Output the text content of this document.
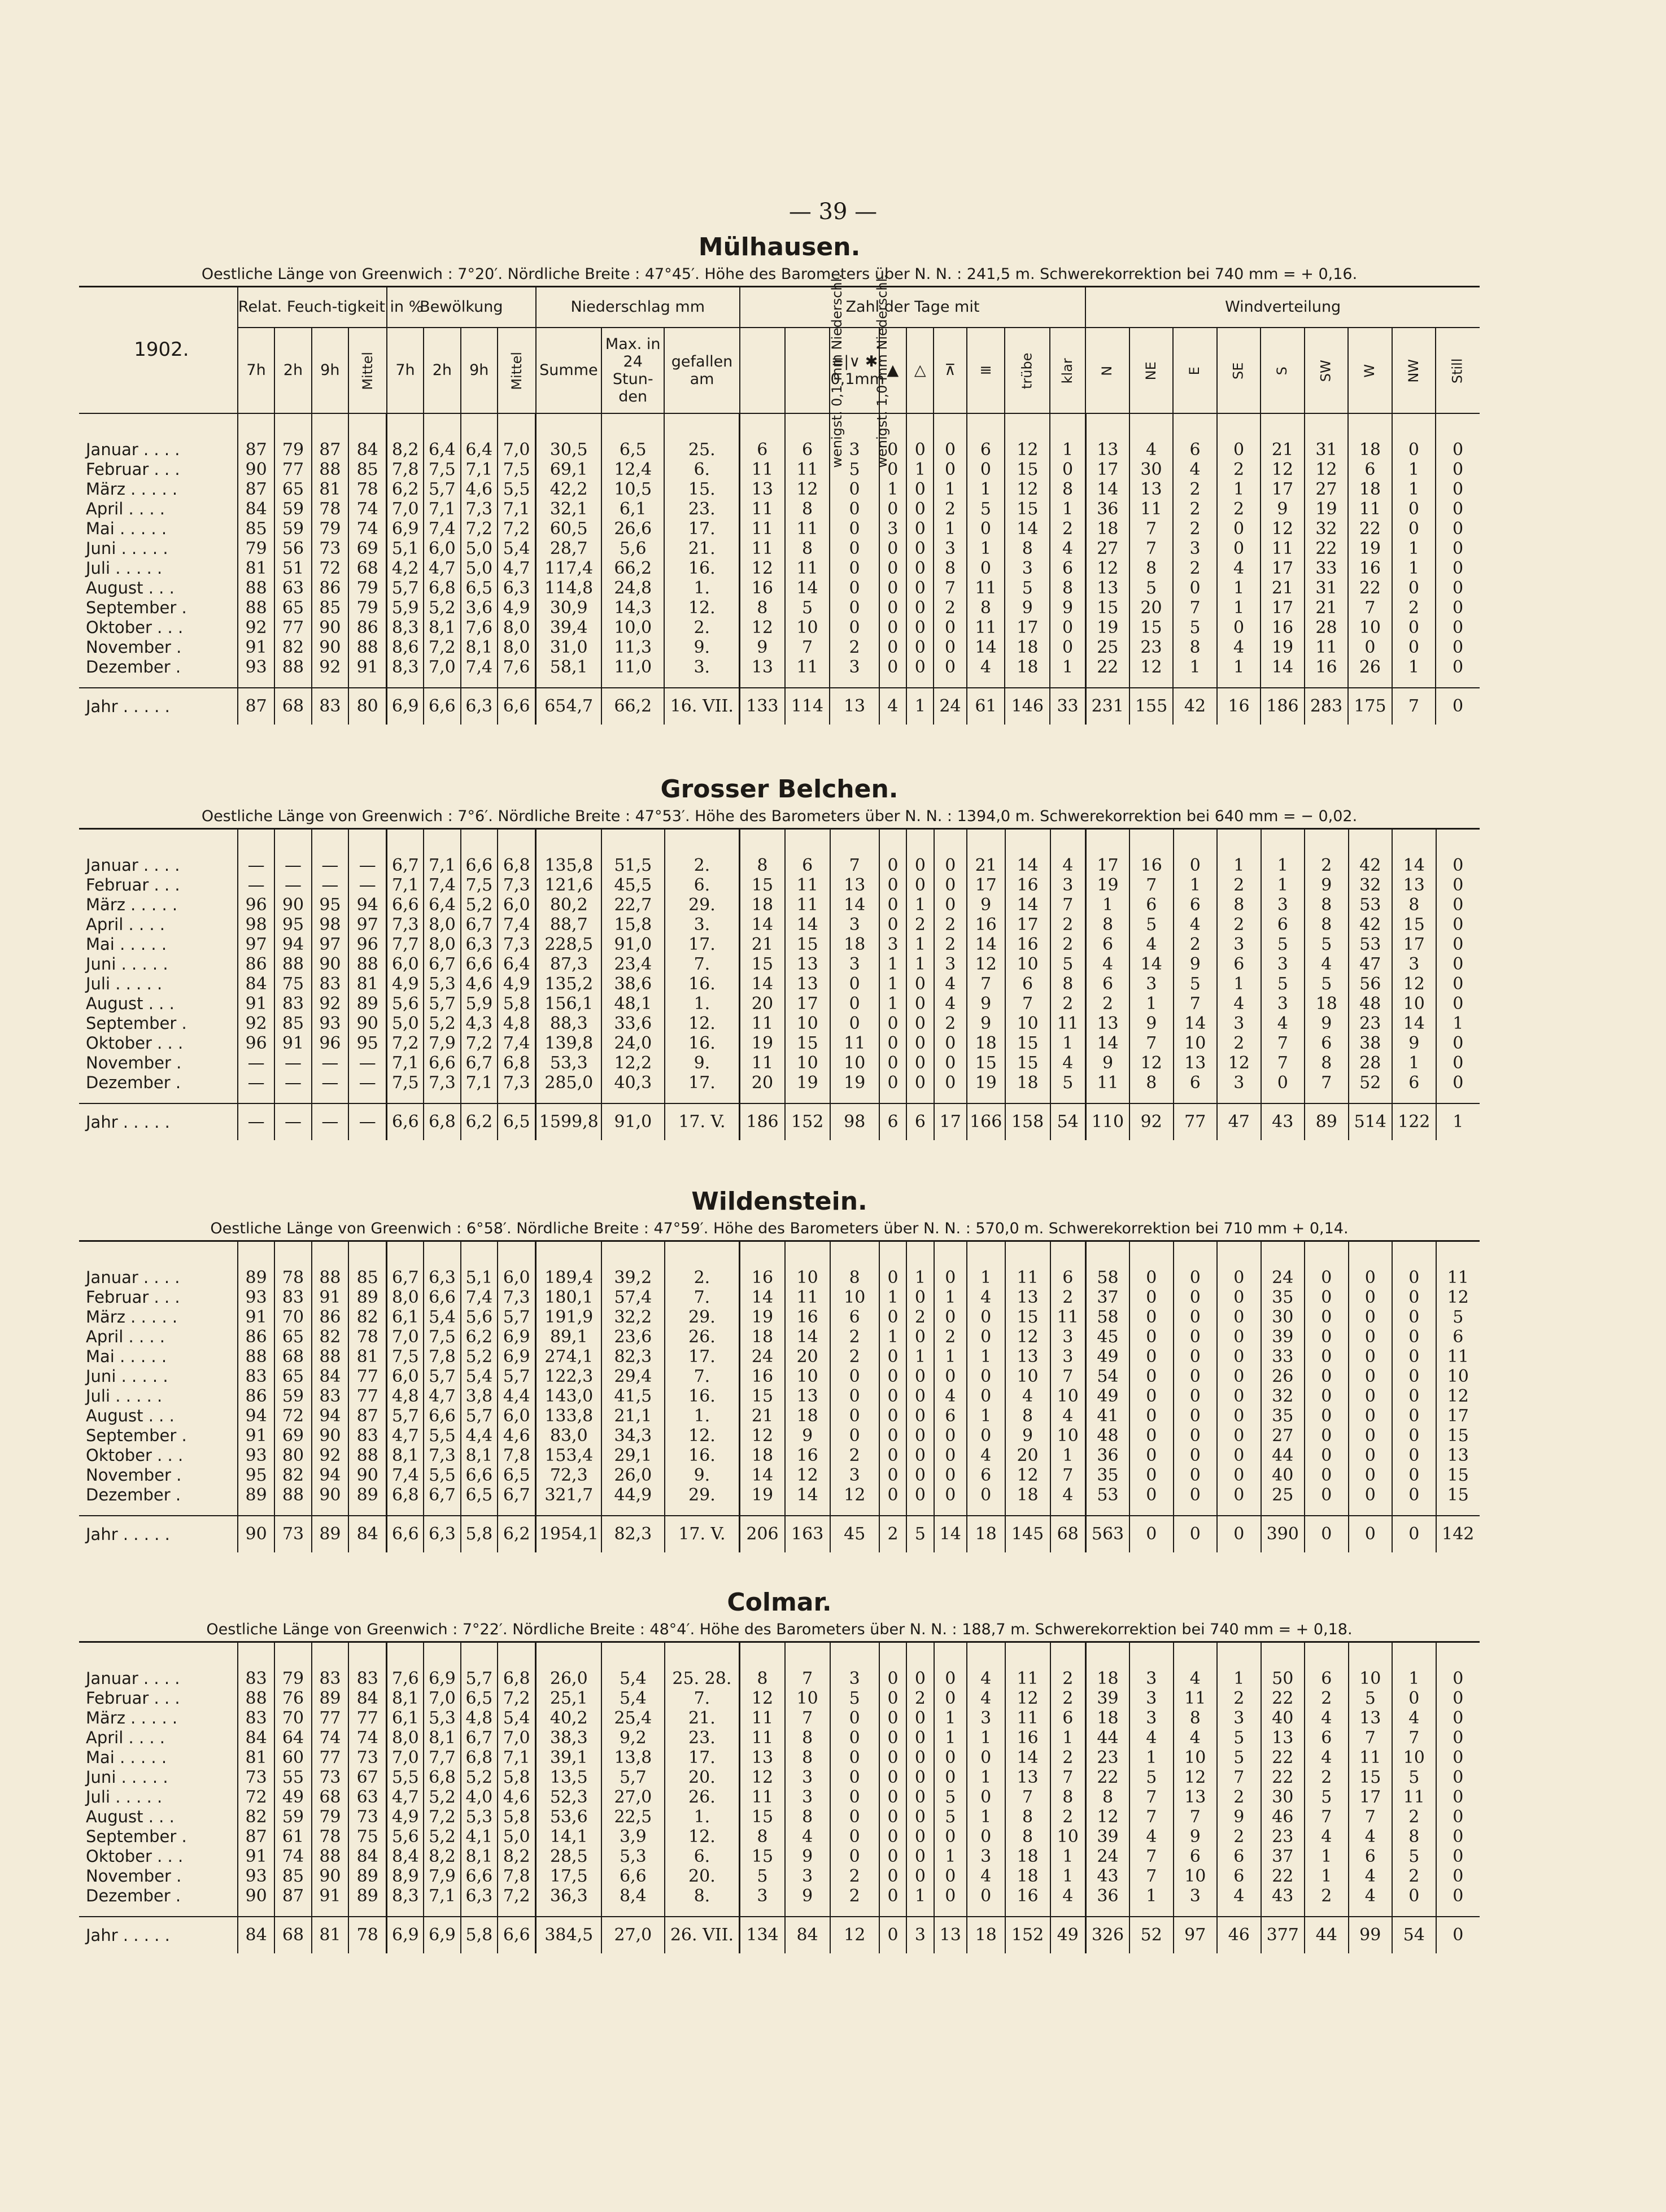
— 39 —
Mülhausen.
Oestliche Länge von Greenwich : 7°20′. Nördliche Breite : 47°45′. Höhe des Barometers über N. N. : 241,5 m. Schwerekorrektion bei 740 mm = + 0,16.
1902.	Relat. Feuch-tigkeit in %				Bewölkung				Niederschlag mm			Zahl der Tage mit									Windverteilung								
	7h	2h	9h	Mittel	7h	2h	9h	Mittel	Summe	Max. in 24 Stun-den	gefallen am	wenigst. 0,1 mm Niederschl.	wenigst. 1,0 mm Niederschl.	≡|∨ ✱ 0,1mm	▲	△	⊼	≡	trübe	klar	N	NE	E	SE	S	SW	W	NW	Still
Januar . . . .	87	79	87	84	8,2	6,4	6,4	7,0	30,5	6,5	25.	6	6	3	0	0	0	6	12	1	13	4	6	0	21	31	18	0	0
Februar . . .	90	77	88	85	7,8	7,5	7,1	7,5	69,1	12,4	6.	11	11	5	0	1	0	0	15	0	17	30	4	2	12	12	6	1	0
März . . . . .	87	65	81	78	6,2	5,7	4,6	5,5	42,2	10,5	15.	13	12	0	1	0	1	1	12	8	14	13	2	1	17	27	18	1	0
April . . . .	84	59	78	74	7,0	7,1	7,3	7,1	32,1	6,1	23.	11	8	0	0	0	2	5	15	1	36	11	2	2	9	19	11	0	0
Mai . . . . .	85	59	79	74	6,9	7,4	7,2	7,2	60,5	26,6	17.	11	11	0	3	0	1	0	14	2	18	7	2	0	12	32	22	0	0
Juni . . . . .	79	56	73	69	5,1	6,0	5,0	5,4	28,7	5,6	21.	11	8	0	0	0	3	1	8	4	27	7	3	0	11	22	19	1	0
Juli . . . . .	81	51	72	68	4,2	4,7	5,0	4,7	117,4	66,2	16.	12	11	0	0	0	8	0	3	6	12	8	2	4	17	33	16	1	0
August . . .	88	63	86	79	5,7	6,8	6,5	6,3	114,8	24,8	1.	16	14	0	0	0	7	11	5	8	13	5	0	1	21	31	22	0	0
September .	88	65	85	79	5,9	5,2	3,6	4,9	30,9	14,3	12.	8	5	0	0	0	2	8	9	9	15	20	7	1	17	21	7	2	0
Oktober . . .	92	77	90	86	8,3	8,1	7,6	8,0	39,4	10,0	2.	12	10	0	0	0	0	11	17	0	19	15	5	0	16	28	10	0	0
November .	91	82	90	88	8,6	7,2	8,1	8,0	31,0	11,3	9.	9	7	2	0	0	0	14	18	0	25	23	8	4	19	11	0	0	0
Dezember .	93	88	92	91	8,3	7,0	7,4	7,6	58,1	11,0	3.	13	11	3	0	0	0	4	18	1	22	12	1	1	14	16	26	1	0
Jahr . . . . .	87	68	83	80	6,9	6,6	6,3	6,6	654,7	66,2	16. VII.	133	114	13	4	1	24	61	146	33	231	155	42	16	186	283	175	7	0
Grosser Belchen.
Oestliche Länge von Greenwich : 7°6′. Nördliche Breite : 47°53′. Höhe des Barometers über N. N. : 1394,0 m. Schwerekorrektion bei 640 mm = − 0,02.
Januar . . . .	—	—	—	—	6,7	7,1	6,6	6,8	135,8	51,5	2.	8	6	7	0	0	0	21	14	4	17	16	0	1	1	2	42	14	0
Februar . . .	—	—	—	—	7,1	7,4	7,5	7,3	121,6	45,5	6.	15	11	13	0	0	0	17	16	3	19	7	1	2	1	9	32	13	0
März . . . . .	96	90	95	94	6,6	6,4	5,2	6,0	80,2	22,7	29.	18	11	14	0	1	0	9	14	7	1	6	6	8	3	8	53	8	0
April . . . .	98	95	98	97	7,3	8,0	6,7	7,4	88,7	15,8	3.	14	14	3	0	2	2	16	17	2	8	5	4	2	6	8	42	15	0
Mai . . . . .	97	94	97	96	7,7	8,0	6,3	7,3	228,5	91,0	17.	21	15	18	3	1	2	14	16	2	6	4	2	3	5	5	53	17	0
Juni . . . . .	86	88	90	88	6,0	6,7	6,6	6,4	87,3	23,4	7.	15	13	3	1	1	3	12	10	5	4	14	9	6	3	4	47	3	0
Juli . . . . .	84	75	83	81	4,9	5,3	4,6	4,9	135,2	38,6	16.	14	13	0	1	0	4	7	6	8	6	3	5	1	5	5	56	12	0
August . . .	91	83	92	89	5,6	5,7	5,9	5,8	156,1	48,1	1.	20	17	0	1	0	4	9	7	2	2	1	7	4	3	18	48	10	0
September .	92	85	93	90	5,0	5,2	4,3	4,8	88,3	33,6	12.	11	10	0	0	0	2	9	10	11	13	9	14	3	4	9	23	14	1
Oktober . . .	96	91	96	95	7,2	7,9	7,2	7,4	139,8	24,0	16.	19	15	11	0	0	0	18	15	1	14	7	10	2	7	6	38	9	0
November .	—	—	—	—	7,1	6,6	6,7	6,8	53,3	12,2	9.	11	10	10	0	0	0	15	15	4	9	12	13	12	7	8	28	1	0
Dezember .	—	—	—	—	7,5	7,3	7,1	7,3	285,0	40,3	17.	20	19	19	0	0	0	19	18	5	11	8	6	3	0	7	52	6	0
Jahr . . . . .	—	—	—	—	6,6	6,8	6,2	6,5	1599,8	91,0	17. V.	186	152	98	6	6	17	166	158	54	110	92	77	47	43	89	514	122	1
Wildenstein.
Oestliche Länge von Greenwich : 6°58′. Nördliche Breite : 47°59′. Höhe des Barometers über N. N. : 570,0 m. Schwerekorrektion bei 710 mm + 0,14.
Januar . . . .	89	78	88	85	6,7	6,3	5,1	6,0	189,4	39,2	2.	16	10	8	0	1	0	1	11	6	58	0	0	0	24	0	0	0	11
Februar . . .	93	83	91	89	8,0	6,6	7,4	7,3	180,1	57,4	7.	14	11	10	1	0	1	4	13	2	37	0	0	0	35	0	0	0	12
März . . . . .	91	70	86	82	6,1	5,4	5,6	5,7	191,9	32,2	29.	19	16	6	0	2	0	0	15	11	58	0	0	0	30	0	0	0	5
April . . . .	86	65	82	78	7,0	7,5	6,2	6,9	89,1	23,6	26.	18	14	2	1	0	2	0	12	3	45	0	0	0	39	0	0	0	6
Mai . . . . .	88	68	88	81	7,5	7,8	5,2	6,9	274,1	82,3	17.	24	20	2	0	1	1	1	13	3	49	0	0	0	33	0	0	0	11
Juni . . . . .	83	65	84	77	6,0	5,7	5,4	5,7	122,3	29,4	7.	16	10	0	0	0	0	0	10	7	54	0	0	0	26	0	0	0	10
Juli . . . . .	86	59	83	77	4,8	4,7	3,8	4,4	143,0	41,5	16.	15	13	0	0	0	4	0	4	10	49	0	0	0	32	0	0	0	12
August . . .	94	72	94	87	5,7	6,6	5,7	6,0	133,8	21,1	1.	21	18	0	0	0	6	1	8	4	41	0	0	0	35	0	0	0	17
September .	91	69	90	83	4,7	5,5	4,4	4,6	83,0	34,3	12.	12	9	0	0	0	0	0	9	10	48	0	0	0	27	0	0	0	15
Oktober . . .	93	80	92	88	8,1	7,3	8,1	7,8	153,4	29,1	16.	18	16	2	0	0	0	4	20	1	36	0	0	0	44	0	0	0	13
November .	95	82	94	90	7,4	5,5	6,6	6,5	72,3	26,0	9.	14	12	3	0	0	0	6	12	7	35	0	0	0	40	0	0	0	15
Dezember .	89	88	90	89	6,8	6,7	6,5	6,7	321,7	44,9	29.	19	14	12	0	0	0	0	18	4	53	0	0	0	25	0	0	0	15
Jahr . . . . .	90	73	89	84	6,6	6,3	5,8	6,2	1954,1	82,3	17. V.	206	163	45	2	5	14	18	145	68	563	0	0	0	390	0	0	0	142
Colmar.
Oestliche Länge von Greenwich : 7°22′. Nördliche Breite : 48°4′. Höhe des Barometers über N. N. : 188,7 m. Schwerekorrektion bei 740 mm = + 0,18.
Januar . . . .	83	79	83	83	7,6	6,9	5,7	6,8	26,0	5,4	25. 28.	8	7	3	0	0	0	4	11	2	18	3	4	1	50	6	10	1	0
Februar . . .	88	76	89	84	8,1	7,0	6,5	7,2	25,1	5,4	7.	12	10	5	0	2	0	4	12	2	39	3	11	2	22	2	5	0	0
März . . . . .	83	70	77	77	6,1	5,3	4,8	5,4	40,2	25,4	21.	11	7	0	0	0	1	3	11	6	18	3	8	3	40	4	13	4	0
April . . . .	84	64	74	74	8,0	8,1	6,7	7,0	38,3	9,2	23.	11	8	0	0	0	1	1	16	1	44	4	4	5	13	6	7	7	0
Mai . . . . .	81	60	77	73	7,0	7,7	6,8	7,1	39,1	13,8	17.	13	8	0	0	0	0	0	14	2	23	1	10	5	22	4	11	10	0
Juni . . . . .	73	55	73	67	5,5	6,8	5,2	5,8	13,5	5,7	20.	12	3	0	0	0	0	1	13	7	22	5	12	7	22	2	15	5	0
Juli . . . . .	72	49	68	63	4,7	5,2	4,0	4,6	52,3	27,0	26.	11	3	0	0	0	5	0	7	8	8	7	13	2	30	5	17	11	0
August . . .	82	59	79	73	4,9	7,2	5,3	5,8	53,6	22,5	1.	15	8	0	0	0	5	1	8	2	12	7	7	9	46	7	7	2	0
September .	87	61	78	75	5,6	5,2	4,1	5,0	14,1	3,9	12.	8	4	0	0	0	0	0	8	10	39	4	9	2	23	4	4	8	0
Oktober . . .	91	74	88	84	8,4	8,2	8,1	8,2	28,5	5,3	6.	15	9	0	0	0	1	3	18	1	24	7	6	6	37	1	6	5	0
November .	93	85	90	89	8,9	7,9	6,6	7,8	17,5	6,6	20.	5	3	2	0	0	0	4	18	1	43	7	10	6	22	1	4	2	0
Dezember .	90	87	91	89	8,3	7,1	6,3	7,2	36,3	8,4	8.	3	9	2	0	1	0	0	16	4	36	1	3	4	43	2	4	0	0
Jahr . . . . .	84	68	81	78	6,9	6,9	5,8	6,6	384,5	27,0	26. VII.	134	84	12	0	3	13	18	152	49	326	52	97	46	377	44	99	54	0
